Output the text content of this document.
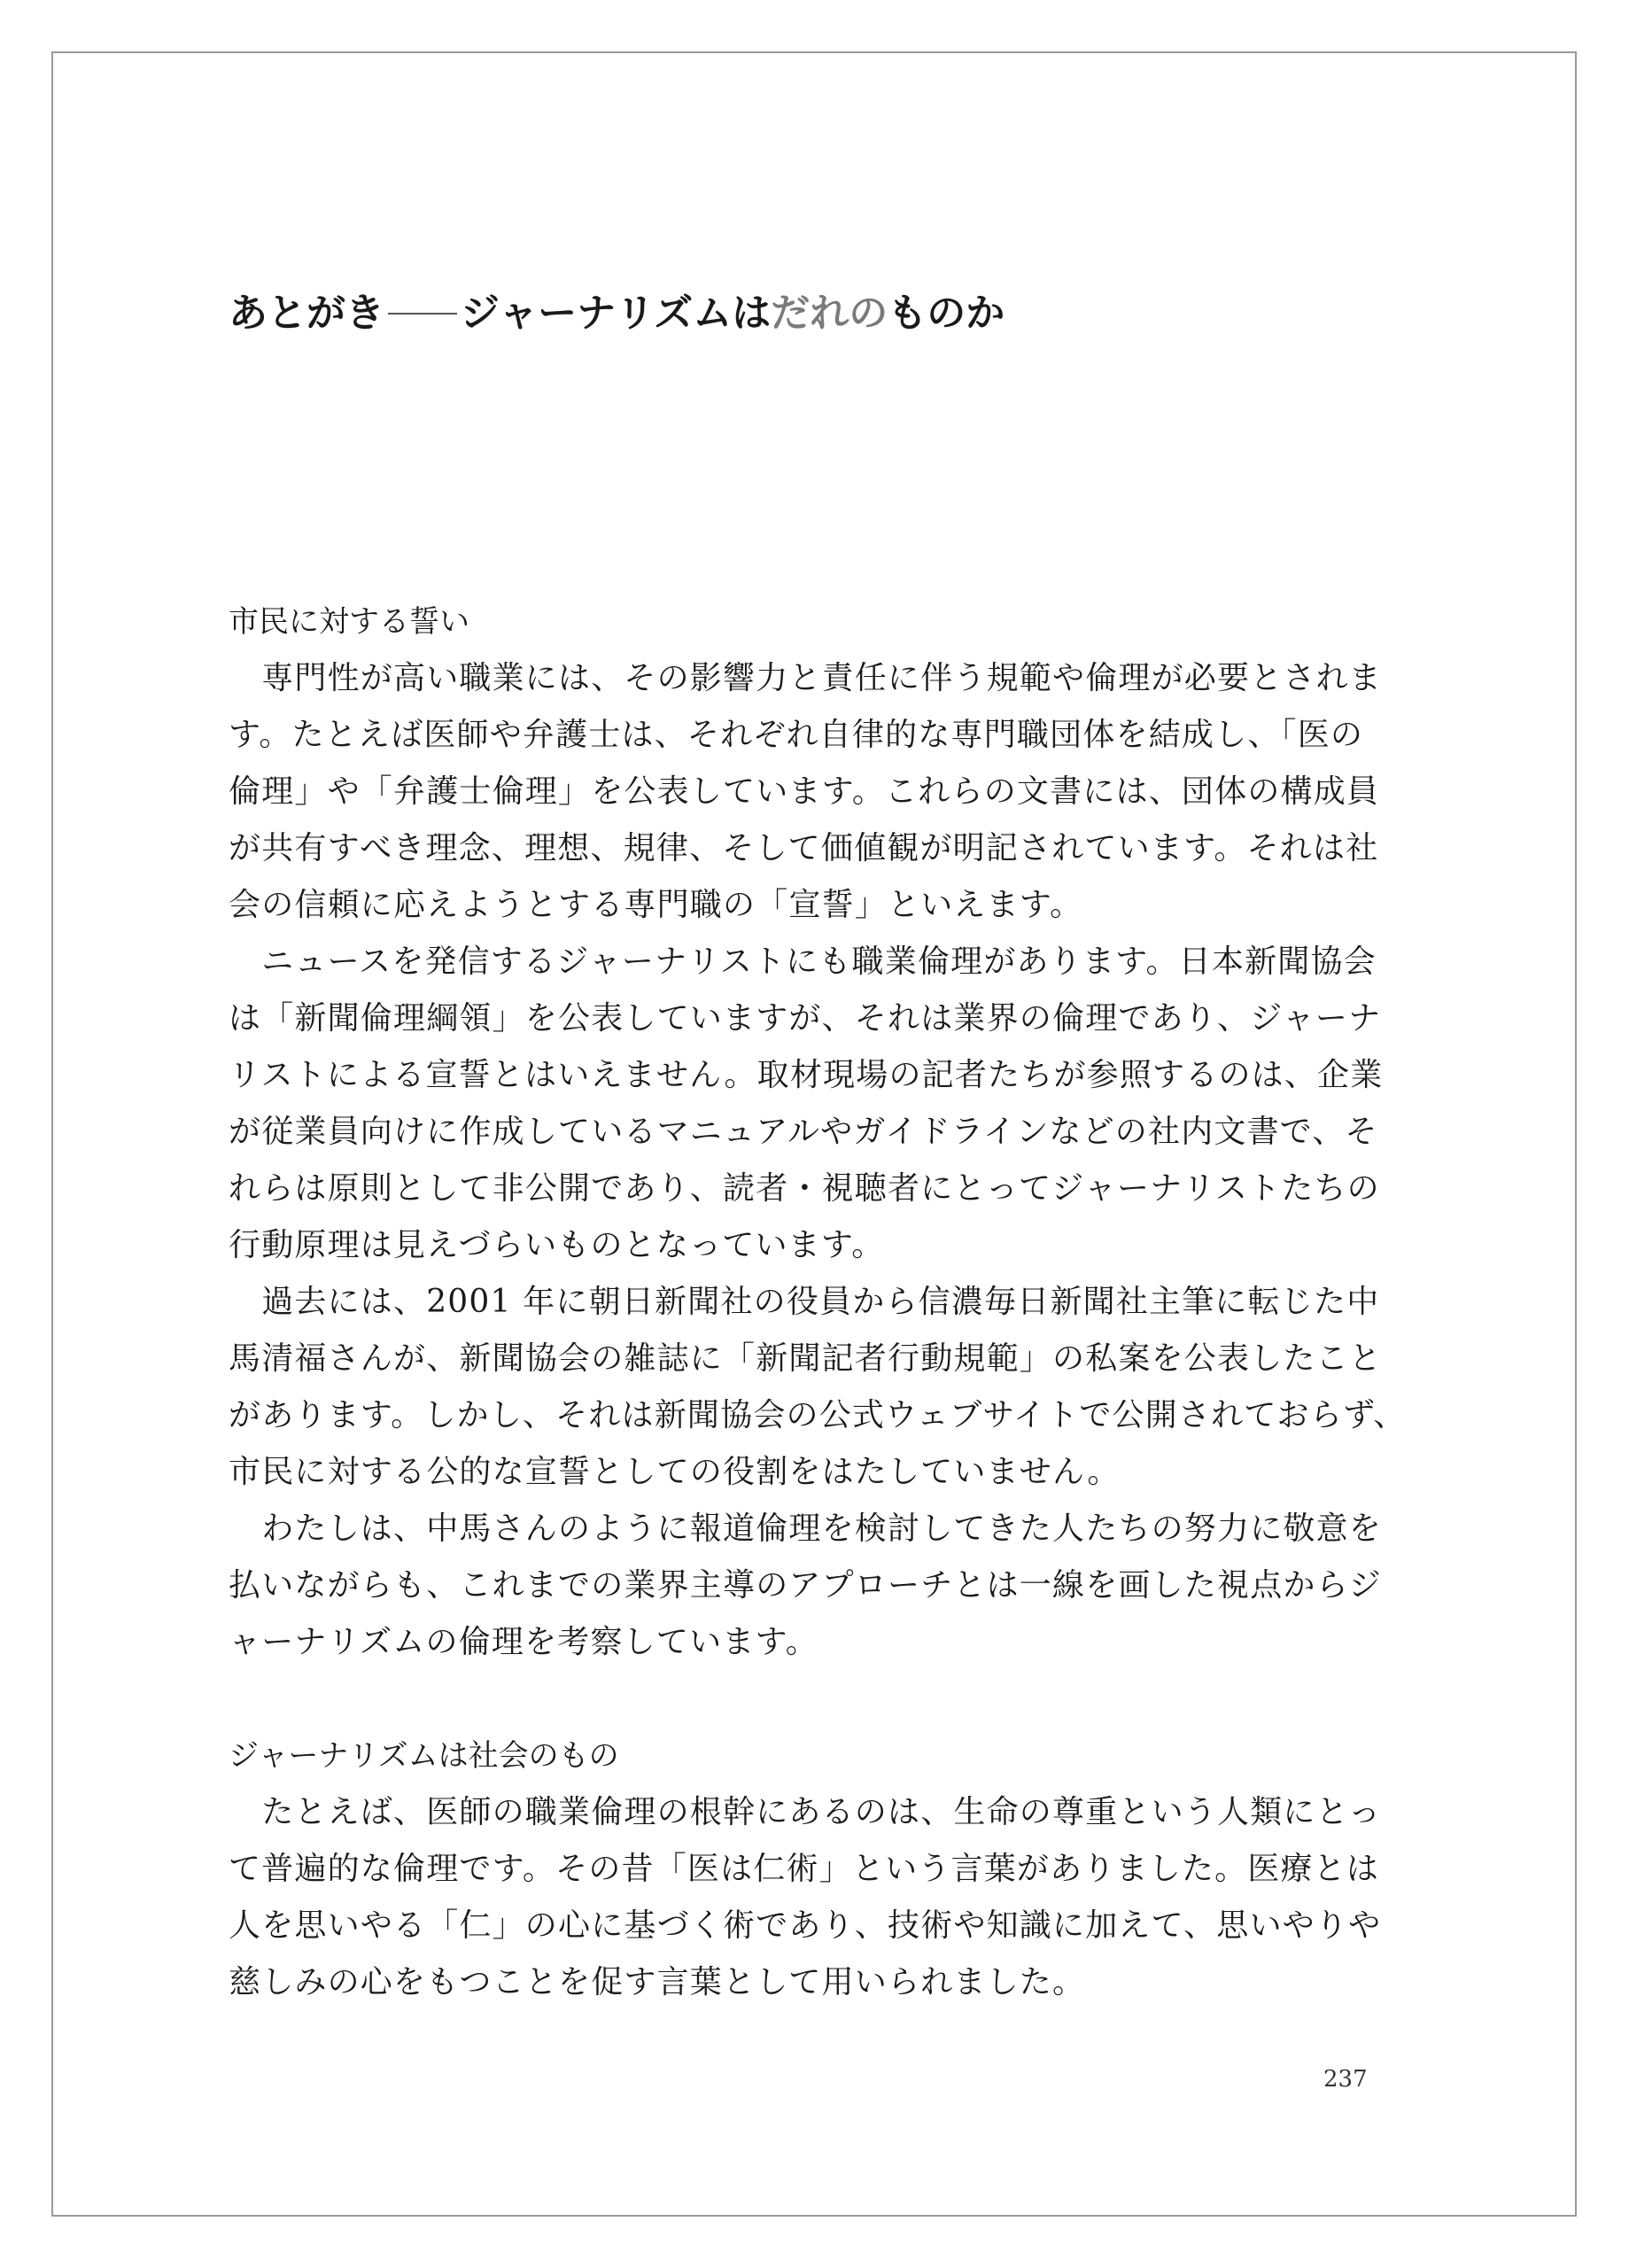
あとがき ジャーナリズムはだれのものか
市民に対する誓い
　専門性が高い職業には、その影響力と責任に伴う規範や倫理が必要とされま
す。たとえば医師や弁護士は、それぞれ自律的な専門職団体を結成し、「医の
倫理」や「弁護士倫理」を公表しています。これらの文書には、団体の構成員
が共有すべき理念、理想、規律、そして価値観が明記されています。それは社
会の信頼に応えようとする専門職の「宣誓」といえます。
　ニュースを発信するジャーナリストにも職業倫理があります。日本新聞協会
は「新聞倫理綱領」を公表していますが、それは業界の倫理であり、ジャーナ
リストによる宣誓とはいえません。取材現場の記者たちが参照するのは、企業
が従業員向けに作成しているマニュアルやガイドラインなどの社内文書で、そ
れらは原則として非公開であり、読者・視聴者にとってジャーナリストたちの
行動原理は見えづらいものとなっています。
　過去には、2001 年に朝日新聞社の役員から信濃毎日新聞社主筆に転じた中
馬清福さんが、新聞協会の雑誌に「新聞記者行動規範」の私案を公表したこと
があります。しかし、それは新聞協会の公式ウェブサイトで公開されておらず、
市民に対する公的な宣誓としての役割をはたしていません。
　わたしは、中馬さんのように報道倫理を検討してきた人たちの努力に敬意を
払いながらも、これまでの業界主導のアプローチとは一線を画した視点からジ
ャーナリズムの倫理を考察しています。
ジャーナリズムは社会のもの
　たとえば、医師の職業倫理の根幹にあるのは、生命の尊重という人類にとっ
て普遍的な倫理です。その昔「医は仁術」という言葉がありました。医療とは
人を思いやる「仁」の心に基づく術であり、技術や知識に加えて、思いやりや
慈しみの心をもつことを促す言葉として用いられました。
237
